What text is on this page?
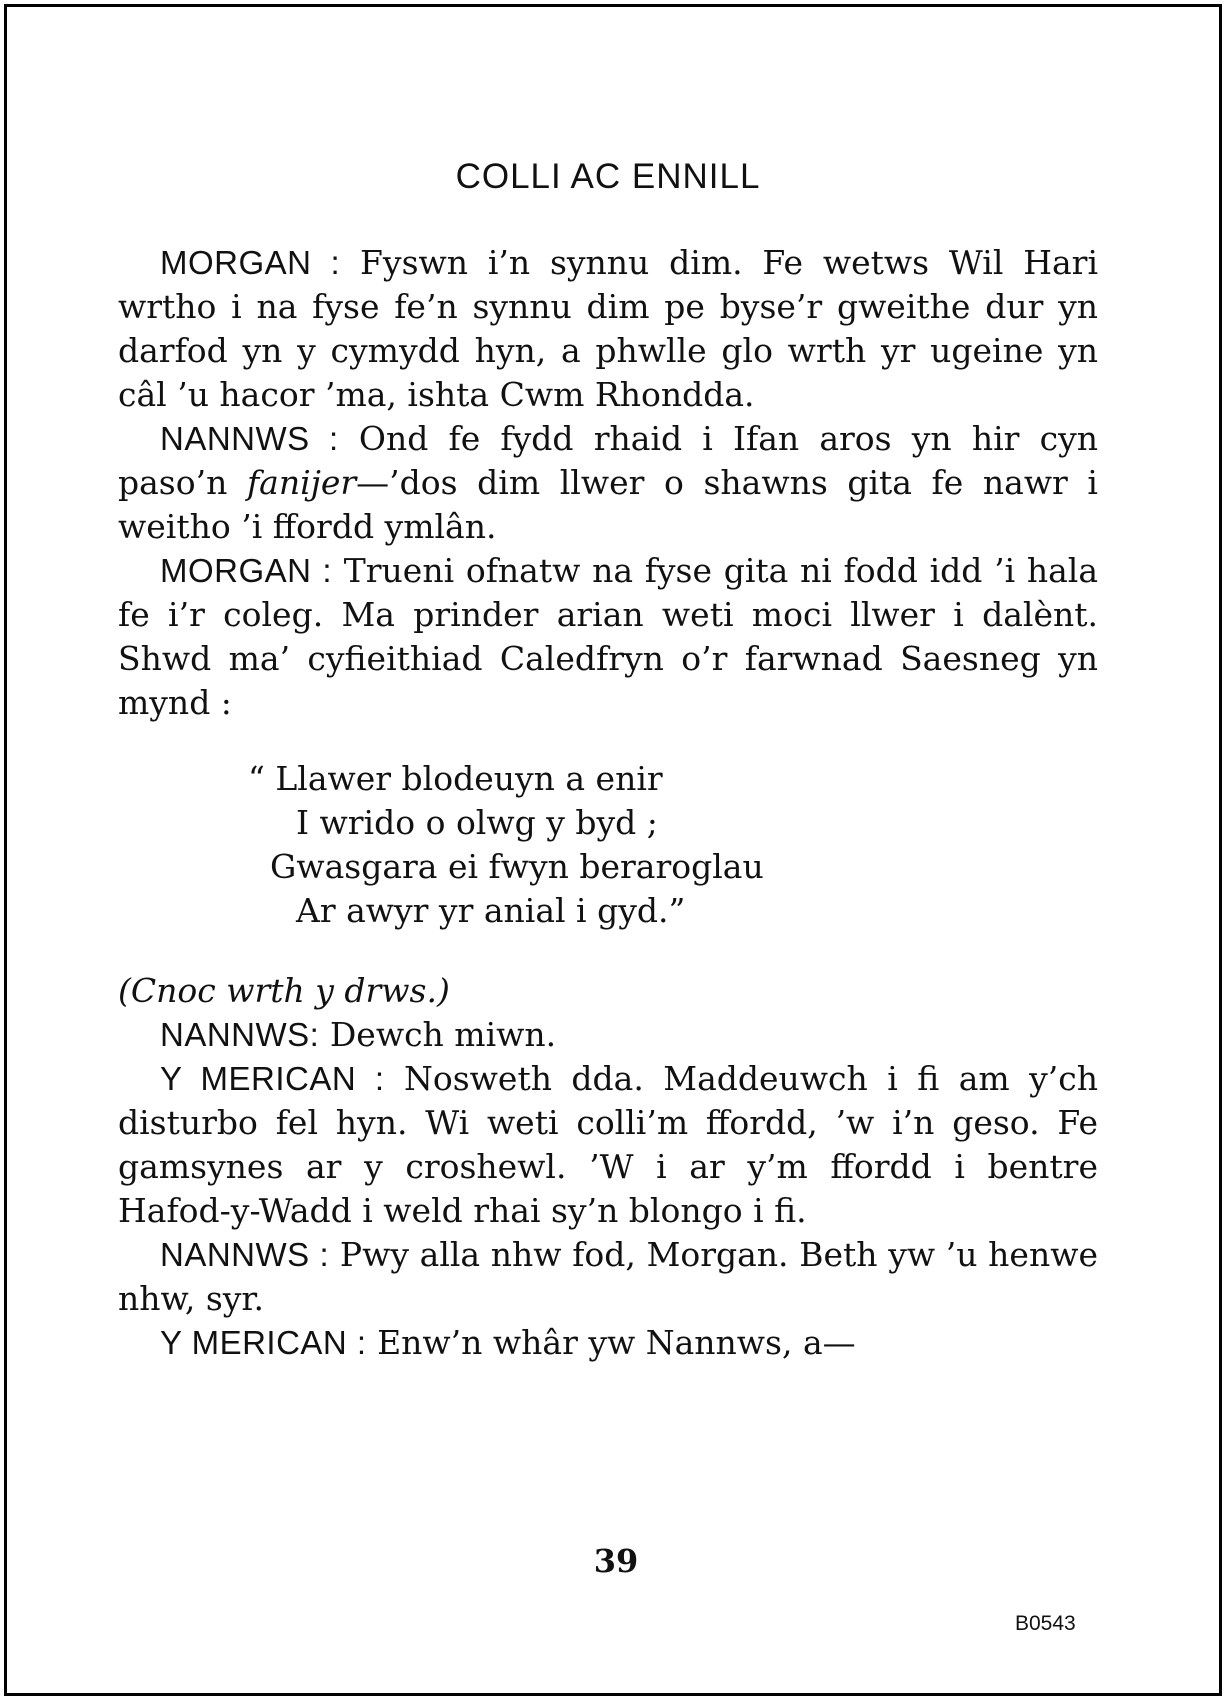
COLLI AC ENNILL

MORGAN : Fyswn i’n synnu dim. Fe wetws Wil Hari wrtho i na fyse fe’n synnu dim pe byse’r gweithe dur yn darfod yn y cymydd hyn, a phwlle glo wrth yr ugeine yn câl ’u hacor ’ma, ishta Cwm Rhondda.

NANNWS : Ond fe fydd rhaid i Ifan aros yn hir cyn paso’n fanijer—’dos dim llwer o shawns gita fe nawr i weitho ’i ffordd ymlân.

MORGAN : Trueni ofnatw na fyse gita ni fodd idd ’i hala fe i’r coleg. Ma prinder arian weti moci llwer i dalènt. Shwd ma’ cyfieithiad Caledfryn o’r farwnad Saesneg yn mynd :

“ Llawer blodeuyn a enir
I wrido o olwg y byd ;
Gwasgara ei fwyn beraroglau
Ar awyr yr anial i gyd.”

(Cnoc wrth y drws.)

NANNWS: Dewch miwn.

Y MERICAN : Nosweth dda. Maddeuwch i fi am y’ch disturbo fel hyn. Wi weti colli’m ffordd, ’w i’n geso. Fe gamsynes ar y croshewl. ’W i ar y’m ffordd i bentre Hafod-y-Wadd i weld rhai sy’n blongo i fi.

NANNWS : Pwy alla nhw fod, Morgan. Beth yw ’u henwe nhw, syr.

Y MERICAN : Enw’n whâr yw Nannws, a—

39
B0543
